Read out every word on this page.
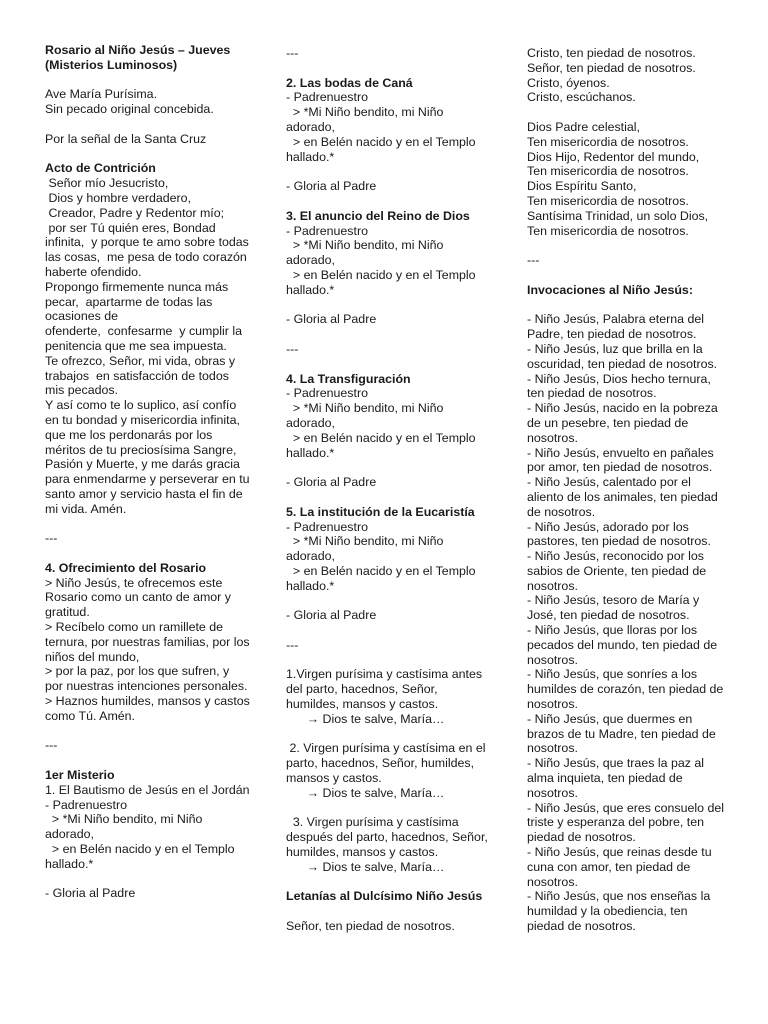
Rosario al Niño Jesús – Jueves (Misterios Luminosos)
Ave María Purísima.
Sin pecado original concebida.
Por la señal de la Santa Cruz
Acto de Contrición
Señor mío Jesucristo,
Dios y hombre verdadero,
Creador, Padre y Redentor mío;
por ser Tú quién eres, Bondad infinita,  y porque te amo sobre todas las cosas,  me pesa de todo corazón haberte ofendido.
Propongo firmemente nunca más pecar,  apartarme de todas las ocasiones de
ofenderte,  confesarme  y cumplir la penitencia que me sea impuesta.
Te ofrezco, Señor, mi vida, obras y trabajos  en satisfacción de todos mis pecados.
Y así como te lo suplico, así confío en tu bondad y misericordia infinita,  que me los perdonarás por los méritos de tu preciosísima Sangre,  Pasión y Muerte, y me darás gracia para enmendarme y perseverar en tu santo amor y servicio hasta el fin de mi vida. Amén.
---
4. Ofrecimiento del Rosario
> Niño Jesús, te ofrecemos este Rosario como un canto de amor y gratitud.
> Recíbelo como un ramillete de ternura, por nuestras familias, por los niños del mundo,
> por la paz, por los que sufren, y por nuestras intenciones personales.
> Haznos humildes, mansos y castos como Tú. Amén.
---
1er Misterio
1. El Bautismo de Jesús en el Jordán
- Padrenuestro
> *Mi Niño bendito, mi Niño adorado,
> en Belén nacido y en el Templo hallado.*
- Gloria al Padre
---
2. Las bodas de Caná
- Padrenuestro
> *Mi Niño bendito, mi Niño adorado,
> en Belén nacido y en el Templo hallado.*
- Gloria al Padre
3. El anuncio del Reino de Dios
- Padrenuestro
> *Mi Niño bendito, mi Niño adorado,
> en Belén nacido y en el Templo hallado.*
- Gloria al Padre
---
4. La Transfiguración
- Padrenuestro
> *Mi Niño bendito, mi Niño adorado,
> en Belén nacido y en el Templo hallado.*
- Gloria al Padre
5. La institución de la Eucaristía
- Padrenuestro
> *Mi Niño bendito, mi Niño adorado,
> en Belén nacido y en el Templo hallado.*
- Gloria al Padre
---
1.Virgen purísima y castísima antes del parto, hacednos, Señor, humildes, mansos y castos.
→ Dios te salve, María…
2. Virgen purísima y castísima en el parto, hacednos, Señor, humildes, mansos y castos.
→ Dios te salve, María…
3. Virgen purísima y castísima después del parto, hacednos, Señor, humildes, mansos y castos.
→ Dios te salve, María…
Letanías al Dulcísimo Niño Jesús
Señor, ten piedad de nosotros.
Cristo, ten piedad de nosotros.
Señor, ten piedad de nosotros.
Cristo, óyenos.
Cristo, escúchanos.
Dios Padre celestial,
Ten misericordia de nosotros.
Dios Hijo, Redentor del mundo,
Ten misericordia de nosotros.
Dios Espíritu Santo,
Ten misericordia de nosotros.
Santísima Trinidad, un solo Dios,
Ten misericordia de nosotros.
---
Invocaciones al Niño Jesús:
- Niño Jesús, Palabra eterna del Padre, ten piedad de nosotros.
- Niño Jesús, luz que brilla en la oscuridad, ten piedad de nosotros.
- Niño Jesús, Dios hecho ternura, ten piedad de nosotros.
- Niño Jesús, nacido en la pobreza de un pesebre, ten piedad de nosotros.
- Niño Jesús, envuelto en pañales por amor, ten piedad de nosotros.
- Niño Jesús, calentado por el aliento de los animales, ten piedad de nosotros.
- Niño Jesús, adorado por los pastores, ten piedad de nosotros.
- Niño Jesús, reconocido por los sabios de Oriente, ten piedad de nosotros.
- Niño Jesús, tesoro de María y José, ten piedad de nosotros.
- Niño Jesús, que lloras por los pecados del mundo, ten piedad de nosotros.
- Niño Jesús, que sonríes a los humildes de corazón, ten piedad de nosotros.
- Niño Jesús, que duermes en brazos de tu Madre, ten piedad de nosotros.
- Niño Jesús, que traes la paz al alma inquieta, ten piedad de nosotros.
- Niño Jesús, que eres consuelo del triste y esperanza del pobre, ten piedad de nosotros.
- Niño Jesús, que reinas desde tu cuna con amor, ten piedad de nosotros.
- Niño Jesús, que nos enseñas la humildad y la obediencia, ten piedad de nosotros.
